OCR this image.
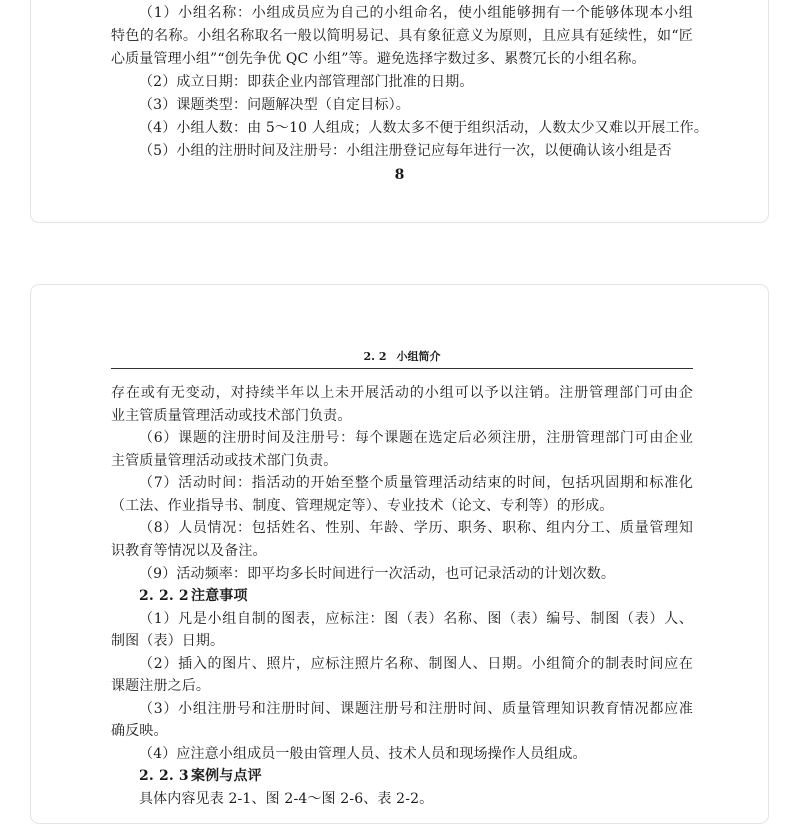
（1）小组名称：小组成员应为自己的小组命名，使小组能够拥有一个能够体现本小组
特色的名称。小组名称取名一般以简明易记、具有象征意义为原则，且应具有延续性，如“匠
心质量管理小组”“创先争优 QC 小组”等。避免选择字数过多、累赘冗长的小组名称。
（2）成立日期：即获企业内部管理部门批准的日期。
（3）课题类型：问题解决型（自定目标）。
（4）小组人数：由 5～10 人组成；人数太多不便于组织活动，人数太少又难以开展工作。
（5）小组的注册时间及注册号：小组注册登记应每年进行一次，以便确认该小组是否
8
2. 2 小组简介
存在或有无变动，对持续半年以上未开展活动的小组可以予以注销。注册管理部门可由企
业主管质量管理活动或技术部门负责。
（6）课题的注册时间及注册号：每个课题在选定后必须注册，注册管理部门可由企业
主管质量管理活动或技术部门负责。
（7）活动时间：指活动的开始至整个质量管理活动结束的时间，包括巩固期和标准化
（工法、作业指导书、制度、管理规定等）、专业技术（论文、专利等）的形成。
（8）人员情况：包括姓名、性别、年龄、学历、职务、职称、组内分工、质量管理知
识教育等情况以及备注。
（9）活动频率：即平均多长时间进行一次活动，也可记录活动的计划次数。
2. 2. 2 注意事项
（1）凡是小组自制的图表，应标注：图（表）名称、图（表）编号、制图（表）人、
制图（表）日期。
（2）插入的图片、照片，应标注照片名称、制图人、日期。小组简介的制表时间应在
课题注册之后。
（3）小组注册号和注册时间、课题注册号和注册时间、质量管理知识教育情况都应准
确反映。
（4）应注意小组成员一般由管理人员、技术人员和现场操作人员组成。
2. 2. 3 案例与点评
具体内容见表 2-1、图 2-4～图 2-6、表 2-2。
